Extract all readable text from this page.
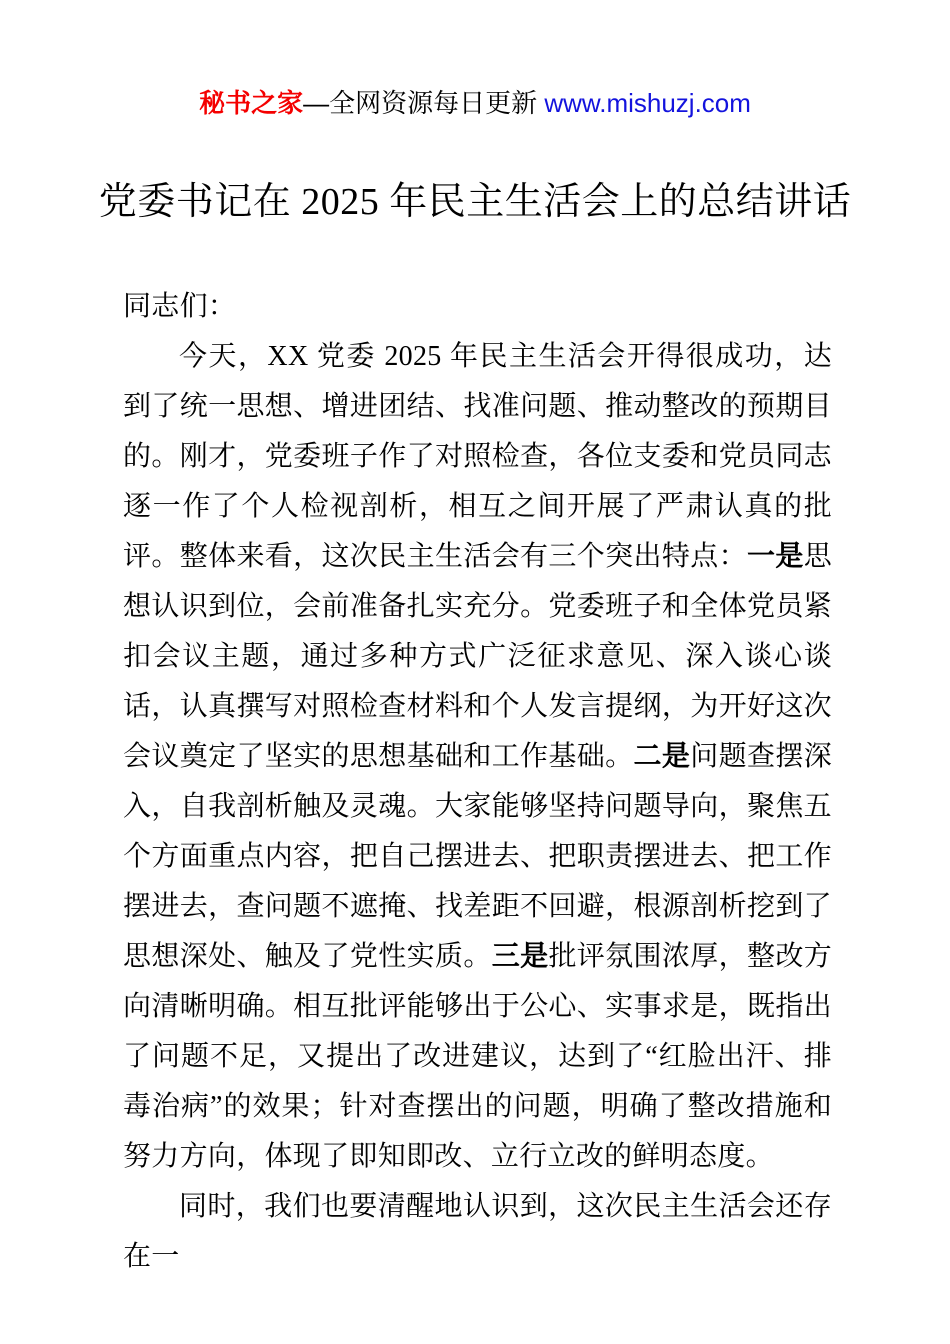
秘书之家—全网资源每日更新 www.mishuzj.com
党委书记在 2025 年民主生活会上的总结讲话

同志们：

今天，XX 党委 2025 年民主生活会开得很成功，达到了统一思想、增进团结、找准问题、推动整改的预期目的。刚才，党委班子作了对照检查，各位支委和党员同志逐一作了个人检视剖析，相互之间开展了严肃认真的批评。整体来看，这次民主生活会有三个突出特点：一是思想认识到位，会前准备扎实充分。党委班子和全体党员紧扣会议主题，通过多种方式广泛征求意见、深入谈心谈话，认真撰写对照检查材料和个人发言提纲，为开好这次会议奠定了坚实的思想基础和工作基础。二是问题查摆深入，自我剖析触及灵魂。大家能够坚持问题导向，聚焦五个方面重点内容，把自己摆进去、把职责摆进去、把工作摆进去，查问题不遮掩、找差距不回避，根源剖析挖到了思想深处、触及了党性实质。三是批评氛围浓厚，整改方向清晰明确。相互批评能够出于公心、实事求是，既指出了问题不足，又提出了改进建议，达到了“红脸出汗、排毒治病”的效果；针对查摆出的问题，明确了整改措施和努力方向，体现了即知即改、立行立改的鲜明态度。

同时，我们也要清醒地认识到，这次民主生活会还存在一
